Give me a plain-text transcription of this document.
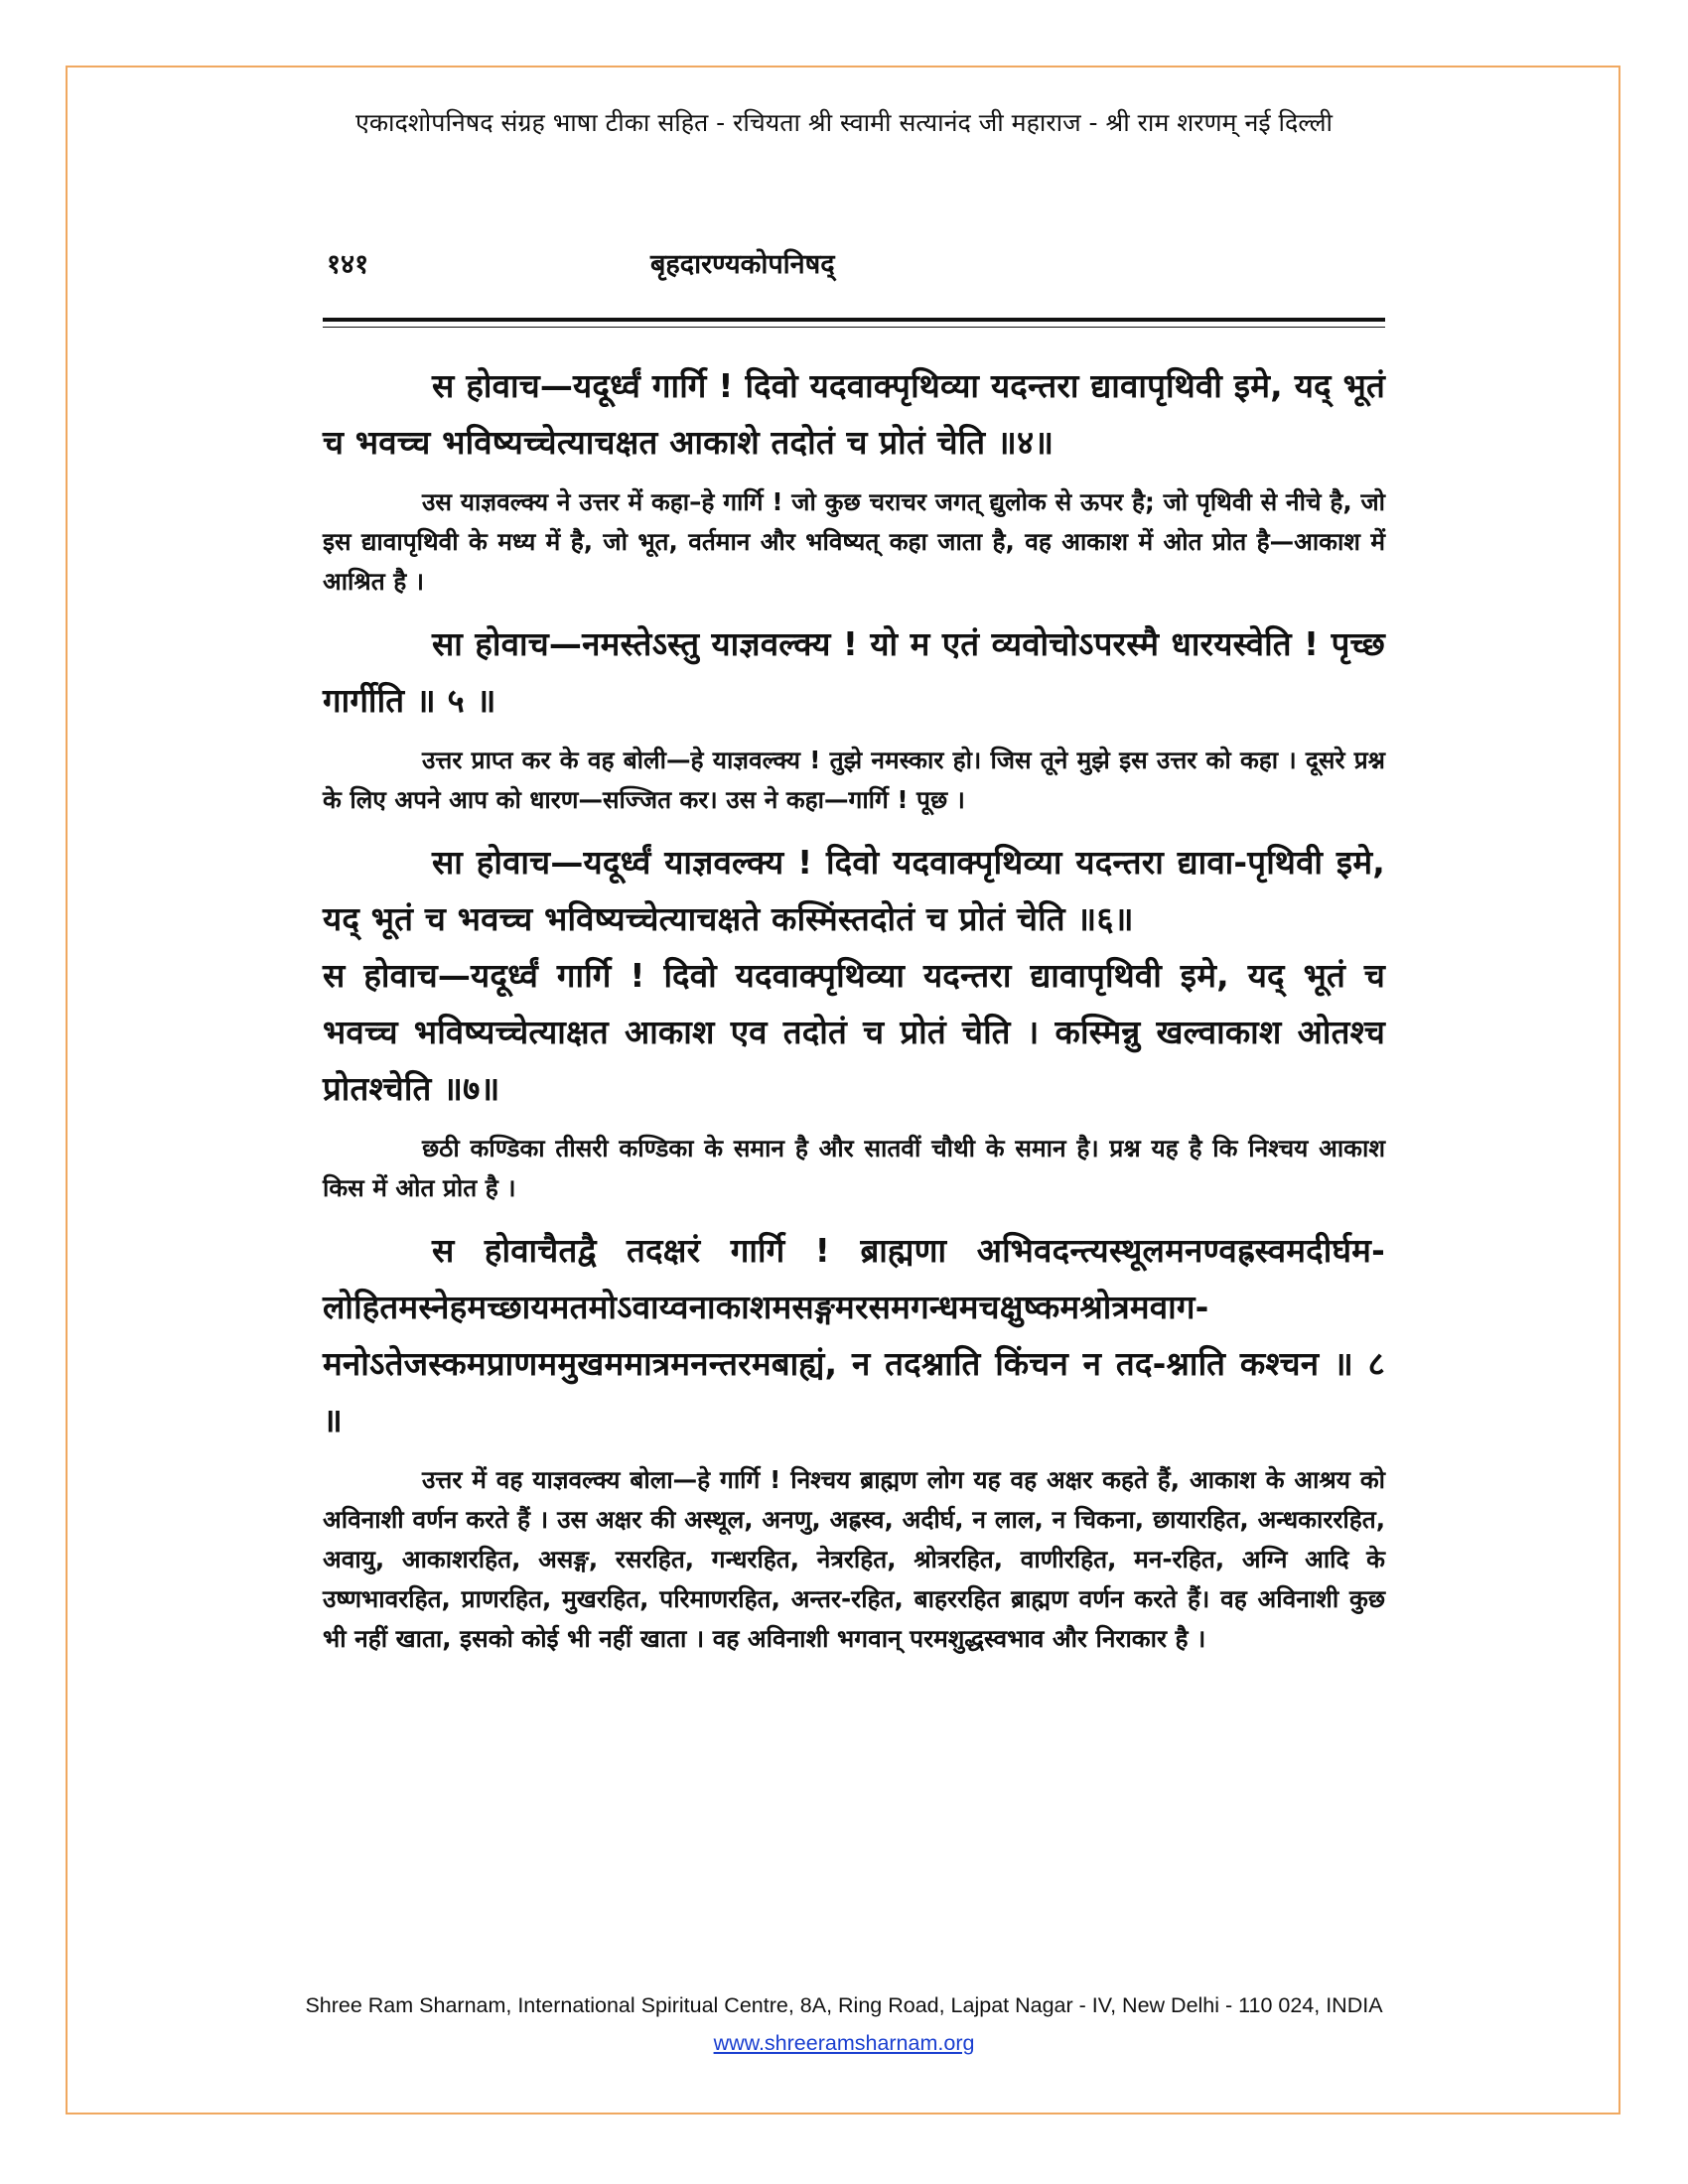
एकादशोपनिषद संग्रह भाषा टीका सहित - रचियता श्री स्वामी सत्यानंद जी महाराज - श्री राम शरणम् नई दिल्ली
१४१	बृहदारण्यकोपनिषद्

स होवाच—यदूर्ध्वं गार्गि ! दिवो यदवाक्पृथिव्या यदन्तरा द्यावापृथिवी इमे, यद् भूतं च भवच्च भविष्यच्चेत्याचक्षत आकाशे तदोतं च प्रोतं चेति ॥४॥

उस याज्ञवल्क्य ने उत्तर में कहा–हे गार्गि ! जो कुछ चराचर जगत् द्युलोक से ऊपर है; जो पृथिवी से नीचे है, जो इस द्यावापृथिवी के मध्य में है, जो भूत, वर्तमान और भविष्यत् कहा जाता है, वह आकाश में ओत प्रोत है—आकाश में आश्रित है ।

सा होवाच—नमस्तेऽस्तु याज्ञवल्क्य ! यो म एतं व्यवोचोऽपरस्मै धारयस्वेति ! पृच्छ गार्गीति ॥ ५ ॥

उत्तर प्राप्त कर के वह बोली—हे याज्ञवल्क्य ! तुझे नमस्कार हो। जिस तूने मुझे इस उत्तर को कहा । दूसरे प्रश्न के लिए अपने आप को धारण—सज्जित कर। उस ने कहा—गार्गि ! पूछ ।

सा होवाच—यदूर्ध्वं याज्ञवल्क्य ! दिवो यदवाक्पृथिव्या यदन्तरा द्यावा-पृथिवी इमे, यद् भूतं च भवच्च भविष्यच्चेत्याचक्षते कस्मिंस्तदोतं च प्रोतं चेति ॥६॥

स होवाच—यदूर्ध्वं गार्गि ! दिवो यदवाक्पृथिव्या यदन्तरा द्यावापृथिवी इमे, यद् भूतं च भवच्च भविष्यच्चेत्याक्षत आकाश एव तदोतं च प्रोतं चेति । कस्मिन्नु खल्वाकाश ओतश्च प्रोतश्चेति ॥७॥

छठी कण्डिका तीसरी कण्डिका के समान है और सातवीं चौथी के समान है। प्रश्न यह है कि निश्चय आकाश किस में ओत प्रोत है ।

स होवाचैतद्वै तदक्षरं गार्गि ! ब्राह्मणा अभिवदन्त्यस्थूलमनण्वह्रस्वमदीर्घम-लोहितमस्नेहमच्छायमतमोऽवाय्वनाकाशमसङ्गमरसमगन्धमचक्षुष्कमश्रोत्रमवाग-मनोऽतेजस्कमप्राणममुखममात्रमनन्तरमबाह्यं, न तदश्नाति किंचन न तद-श्नाति कश्चन ॥ ८ ॥

उत्तर में वह याज्ञवल्क्य बोला—हे गार्गि ! निश्चय ब्राह्मण लोग यह वह अक्षर कहते हैं, आकाश के आश्रय को अविनाशी वर्णन करते हैं । उस अक्षर की अस्थूल, अनणु, अह्रस्व, अदीर्घ, न लाल, न चिकना, छायारहित, अन्धकाररहित, अवायु, आकाशरहित, असङ्ग, रसरहित, गन्धरहित, नेत्ररहित, श्रोत्ररहित, वाणीरहित, मन-रहित, अग्नि आदि के उष्णभावरहित, प्राणरहित, मुखरहित, परिमाणरहित, अन्तर-रहित, बाहररहित ब्राह्मण वर्णन करते हैं। वह अविनाशी कुछ भी नहीं खाता, इसको कोई भी नहीं खाता । वह अविनाशी भगवान् परमशुद्धस्वभाव और निराकार है ।

Shree Ram Sharnam, International Spiritual Centre, 8A, Ring Road, Lajpat Nagar - IV, New Delhi - 110 024, INDIA
www.shreeramsharnam.org
